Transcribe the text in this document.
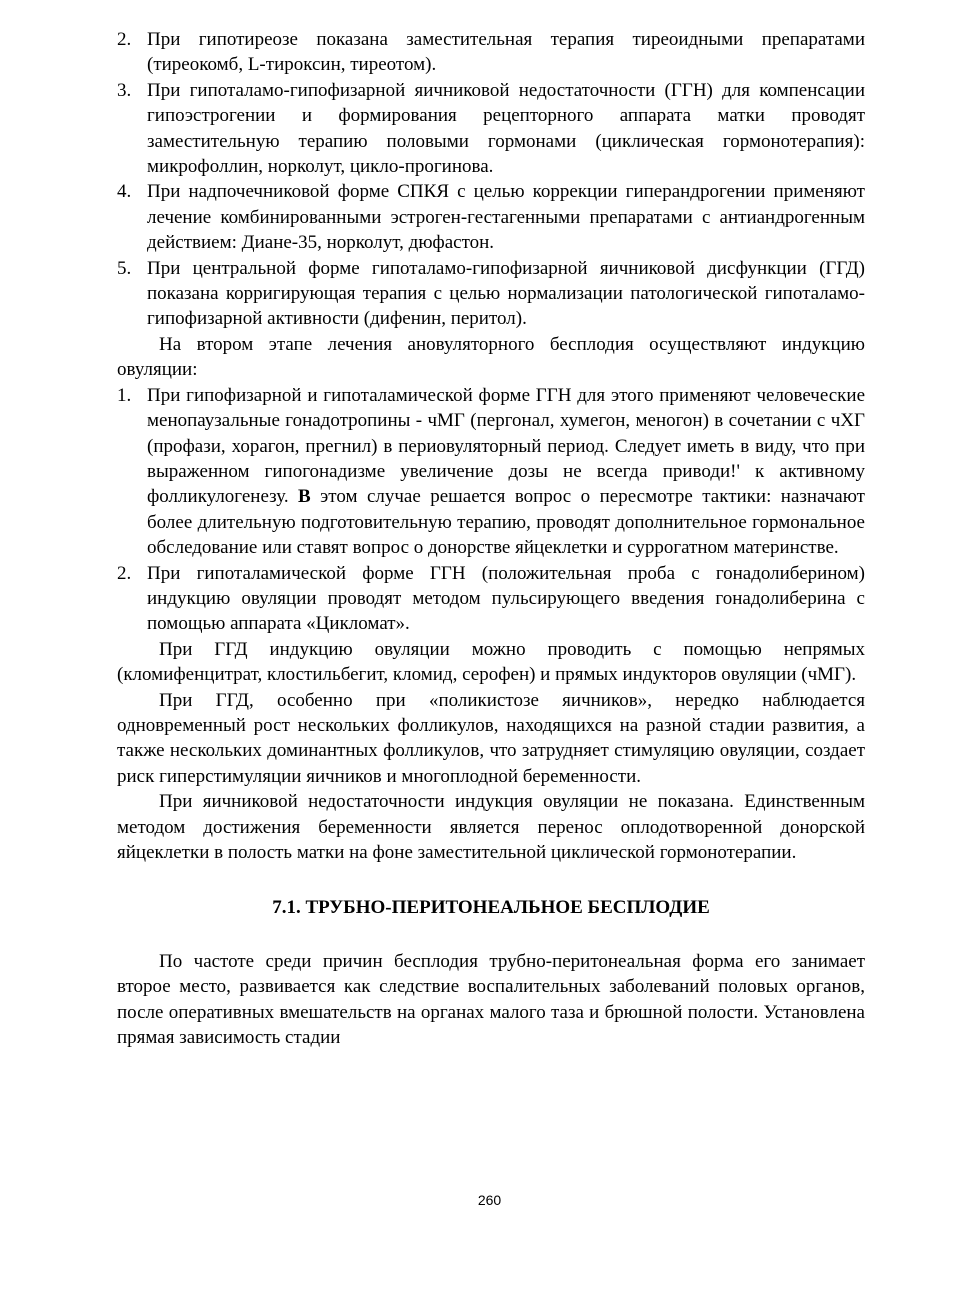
2. При гипотиреозе показана заместительная терапия тиреоидными препаратами (тиреокомб, L-тироксин, тиреотом).
3. При гипоталамо-гипофизарной яичниковой недостаточности (ГГН) для компенсации гипоэстрогении и формирования рецепторного аппарата матки проводят заместительную терапию половыми гормонами (циклическая гормонотерапия): микрофоллин, норколут, цикло-прогинова.
4. При надпочечниковой форме СПКЯ с целью коррекции гиперандрогении применяют лечение комбинированными эстроген-гестагенными препаратами с антиандрогенным действием: Диане-35, норколут, дюфастон.
5. При центральной форме гипоталамо-гипофизарной яичниковой дисфункции (ГГД) показана корригирующая терапия с целью нормализации патологической гипоталамо-гипофизарной активности (дифенин, перитол).

На втором этапе лечения ановуляторного бесплодия осуществляют индукцию овуляции:

1. При гипофизарной и гипоталамической форме ГГН для этого применяют человеческие менопаузальные гонадотропины - чМГ (пергонал, хумегон, меногон) в сочетании с чХГ (профази, хорагон, прегнил) в периовуляторный период. Следует иметь в виду, что при выраженном гипогонадизме увеличение дозы не всегда приводи!' к активному фолликулогенезу. В этом случае решается вопрос о пересмотре тактики: назначают более длительную подготовительную терапию, проводят дополнительное гормональное обследование или ставят вопрос о донорстве яйцеклетки и суррогатном материнстве.
2. При гипоталамической форме ГГН (положительная проба с гонадолиберином) индукцию овуляции проводят методом пульсирующего введения гонадолиберина с помощью аппарата «Цикломат».

При ГГД индукцию овуляции можно проводить с помощью непрямых (кломифенцитрат, клостильбегит, кломид, серофен) и прямых индукторов овуляции (чМГ).

При ГГД, особенно при «поликистозе яичников», нередко наблюдается одновременный рост нескольких фолликулов, находящихся на разной стадии развития, а также нескольких доминантных фолликулов, что затрудняет стимуляцию овуляции, создает риск гиперстимуляции яичников и многоплодной беременности.

При яичниковой недостаточности индукция овуляции не показана. Единственным методом достижения беременности является перенос оплодотворенной донорской яйцеклетки в полость матки на фоне заместительной циклической гормонотерапии.

7.1. ТРУБНО-ПЕРИТОНЕАЛЬНОЕ БЕСПЛОДИЕ

По частоте среди причин бесплодия трубно-перитонеальная форма его занимает второе место, развивается как следствие воспалительных заболеваний половых органов, после оперативных вмешательств на органах малого таза и брюшной полости. Установлена прямая зависимость стадии

260
